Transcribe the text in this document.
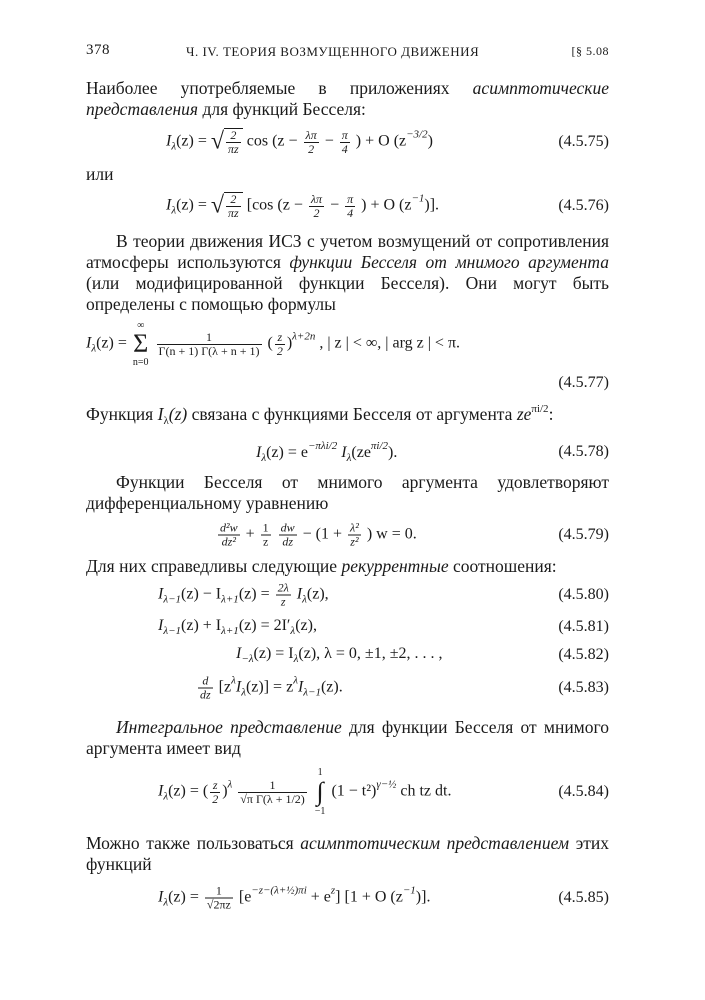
378	Ч. IV. ТЕОРИЯ ВОЗМУЩЕННОГО ДВИЖЕНИЯ	[§ 5.08

Наиболее употребляемые в приложениях асимптотические представления для функций Бесселя:

$I_\lambda(z)$ = √ $\frac{2}{\pi z}$ $\cos (z - \frac{\lambda\pi}{2} - \frac{\pi}{4}$ ) + O $(z^{-3/2})$	(4.5.75)

или

$I_\lambda(z)$ = √ $\frac{2}{\pi z} [\cos$ ($z - \frac{\lambda\pi}{2} - \frac{\pi}{4}$ ) + O $(z^{-1})$].	(4.5.76)

В теории движения ИСЗ с учетом возмущений от сопротивления атмосферы используются функции Бесселя от мнимого аргумента (или модифицированной функции Бесселя). Они могут быть определены с помощью формулы

$I_\lambda(z)$ =
∞
Σ
n=0

$\frac{1}{\Gamma(n + 1) \Gamma(\lambda + n + 1)}$ ( $\frac{z}{2} )^{\lambda+2n}$ , | z | < ∞, | arg z | < π.
(4.5.77)

Функция $I_\lambda(z)$ связана с функциями Бесселя от аргумента $ze^{\pi i/2}$:

$I_\lambda(z) = e^{-\pi\lambda i/2}$ $I_\lambda(ze^{\pi i/2})$.	(4.5.78)

Функции Бесселя от мнимого аргумента удовлетворяют дифференциальному уравнению

$\frac{\text{d²w}}{\text{dz²}} + \frac{1}{z}$
$\frac{dw}{dz} - (1 + \frac{\text{λ²}}{\text{z²}}$ ) w = 0.	(4.5.79)

Для них справедливы следующие рекуррентные соотношения:

$I_{\lambda-1}(z) - I_{\lambda+1}(z) = \frac{2\lambda}{z} I_\lambda(z)$,	(4.5.80)
$I_{\lambda-1}(z) + I_{\lambda+1}(z) = 2I'_\lambda(z)$,	(4.5.81)
$I_{-\lambda}(z) = I_\lambda(z)$, λ = 0, ±1, ±2, . . . ,	(4.5.82)
$\frac{d}{dz} [z^\lambda I_\lambda(z)] = z^\lambda I_{\lambda-1}(z)$.	(4.5.83)

Интегральное представление для функции Бесселя от мнимого аргумента имеет вид

$I_\lambda(z)$ = ( $\frac{z}{2} )^\lambda \frac{1}{\text{√π Γ(λ + 1/2)}}$

1
∫
−1
$(1 - t^2)^{\gamma-\frac{1}{2}}$ ch tz dt.	(4.5.84)

Можно также пользоваться асимптотическим представлением этих функций

$I_\lambda(z) = \frac{1}{√2\pi z} [e^{-z-(\lambda+\frac{1}{2})\pi i} + e^z] [1 + O$ $(z^{-1})$].	(4.5.85)
